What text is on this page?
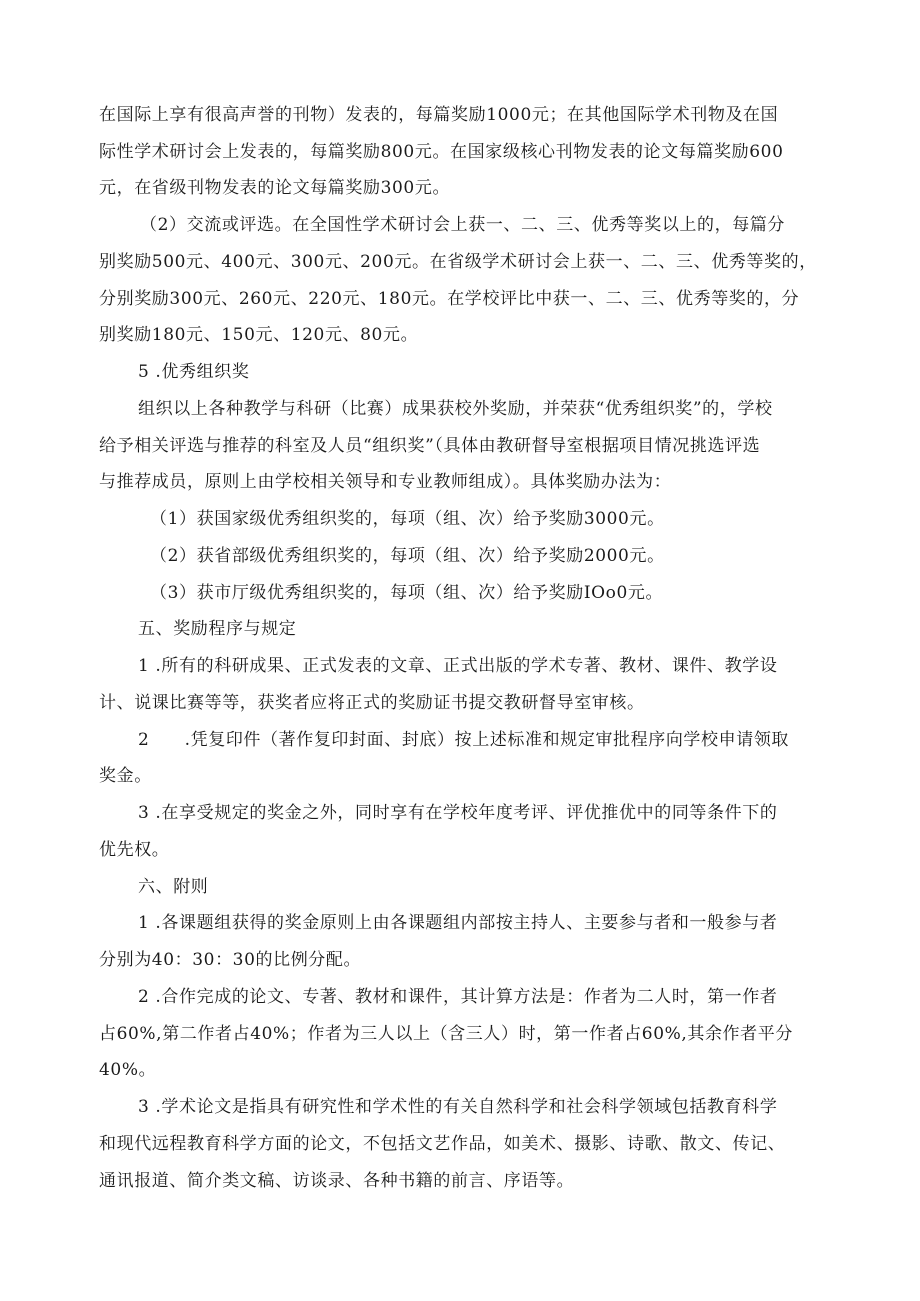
在国际上享有很高声誉的刊物）发表的，每篇奖励1000元；在其他国际学术刊物及在国
际性学术研讨会上发表的，每篇奖励800元。在国家级核心刊物发表的论文每篇奖励600
元，在省级刊物发表的论文每篇奖励300元。
（2）交流或评选。在全国性学术研讨会上获一、二、三、优秀等奖以上的，每篇分
别奖励500元、400元、300元、200元。在省级学术研讨会上获一、二、三、优秀等奖的，
分别奖励300元、260元、220元、180元。在学校评比中获一、二、三、优秀等奖的，分
别奖励180元、150元、120元、80元。
5 .优秀组织奖
组织以上各种教学与科研（比赛）成果获校外奖励，并荣获“优秀组织奖”的，学校
给予相关评选与推荐的科室及人员“组织奖”（具体由教研督导室根据项目情况挑选评选
与推荐成员，原则上由学校相关领导和专业教师组成）。具体奖励办法为：
（1）获国家级优秀组织奖的，每项（组、次）给予奖励3000元。
（2）获省部级优秀组织奖的，每项（组、次）给予奖励2000元。
（3）获市厅级优秀组织奖的，每项（组、次）给予奖励IOo0元。
五、奖励程序与规定
1 .所有的科研成果、正式发表的文章、正式出版的学术专著、教材、课件、教学设
计、说课比赛等等，获奖者应将正式的奖励证书提交教研督导室审核。
2　　.凭复印件（著作复印封面、封底）按上述标准和规定审批程序向学校申请领取
奖金。
3 .在享受规定的奖金之外，同时享有在学校年度考评、评优推优中的同等条件下的
优先权。
六、附则
1 .各课题组获得的奖金原则上由各课题组内部按主持人、主要参与者和一般参与者
分别为40：30：30的比例分配。
2 .合作完成的论文、专著、教材和课件，其计算方法是：作者为二人时，第一作者
占60%,第二作者占40%；作者为三人以上（含三人）时，第一作者占60%,其余作者平分
40%。
3 .学术论文是指具有研究性和学术性的有关自然科学和社会科学领域包括教育科学
和现代远程教育科学方面的论文，不包括文艺作品，如美术、摄影、诗歌、散文、传记、
通讯报道、简介类文稿、访谈录、各种书籍的前言、序语等。
